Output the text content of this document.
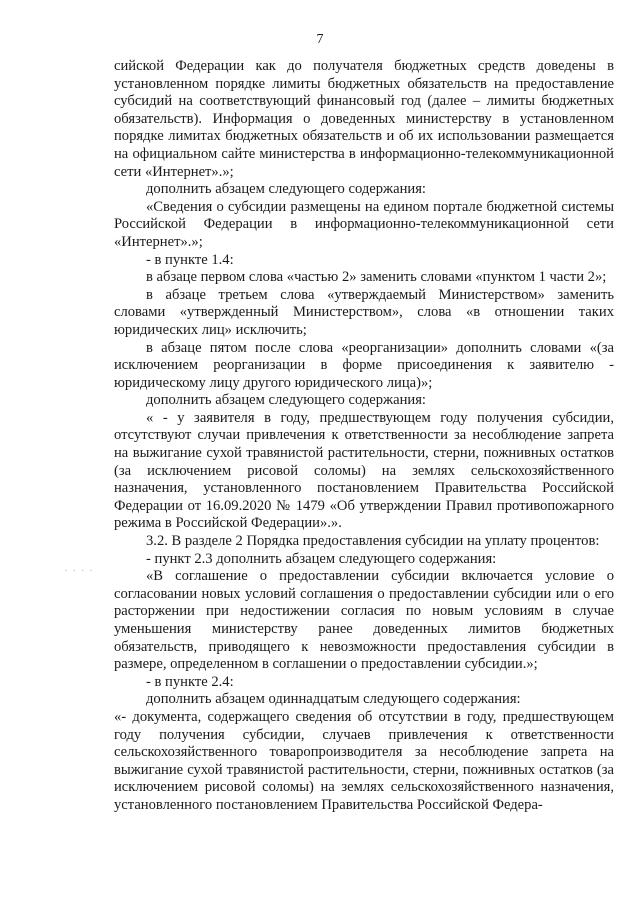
7
· · · ·

сийской Федерации как до получателя бюджетных средств доведены в установленном порядке лимиты бюджетных обязательств на предоставление субсидий на соответствующий финансовый год (далее – лимиты бюджетных обязательств). Информация о доведенных министерству в установленном порядке лимитах бюджетных обязательств и об их использовании размещается на официальном сайте министерства в информационно-телекоммуникационной сети «Интернет».»;

дополнить абзацем следующего содержания:

«Сведения о субсидии размещены на едином портале бюджетной системы Российской Федерации в информационно-телекоммуникационной сети «Интернет».»;

- в пункте 1.4:

в абзаце первом слова «частью 2» заменить словами «пунктом 1 части 2»;

в абзаце третьем слова «утверждаемый Министерством» заменить словами «утвержденный Министерством», слова «в отношении таких юридических лиц» исключить;

в абзаце пятом после слова «реорганизации» дополнить словами «(за исключением реорганизации в форме присоединения к заявителю - юридическому лицу другого юридического лица)»;

дополнить абзацем следующего содержания:

« - у заявителя в году, предшествующем году получения субсидии, отсутствуют случаи привлечения к ответственности за несоблюдение запрета на выжигание сухой травянистой растительности, стерни, пожнивных остатков (за исключением рисовой соломы) на землях сельскохозяйственного назначения, установленного постановлением Правительства Российской Федерации от 16.09.2020 № 1479 «Об утверждении Правил противопожарного режима в Российской Федерации».».

3.2. В разделе 2 Порядка предоставления субсидии на уплату процентов:

- пункт 2.3 дополнить абзацем следующего содержания:

«В соглашение о предоставлении субсидии включается условие о согласовании новых условий соглашения о предоставлении субсидии или о его расторжении при недостижении согласия по новым условиям в случае уменьшения министерству ранее доведенных лимитов бюджетных обязательств, приводящего к невозможности предоставления субсидии в размере, определенном в соглашении о предоставлении субсидии.»;

- в пункте 2.4:

дополнить абзацем одиннадцатым следующего содержания:

«- документа, содержащего сведения об отсутствии в году, предшествующем году получения субсидии, случаев привлечения к ответственности сельскохозяйственного товаропроизводителя за несоблюдение запрета на выжигание сухой травянистой растительности, стерни, пожнивных остатков (за исключением рисовой соломы) на землях сельскохозяйственного назначения, установленного постановлением Правительства Российской Федера-
